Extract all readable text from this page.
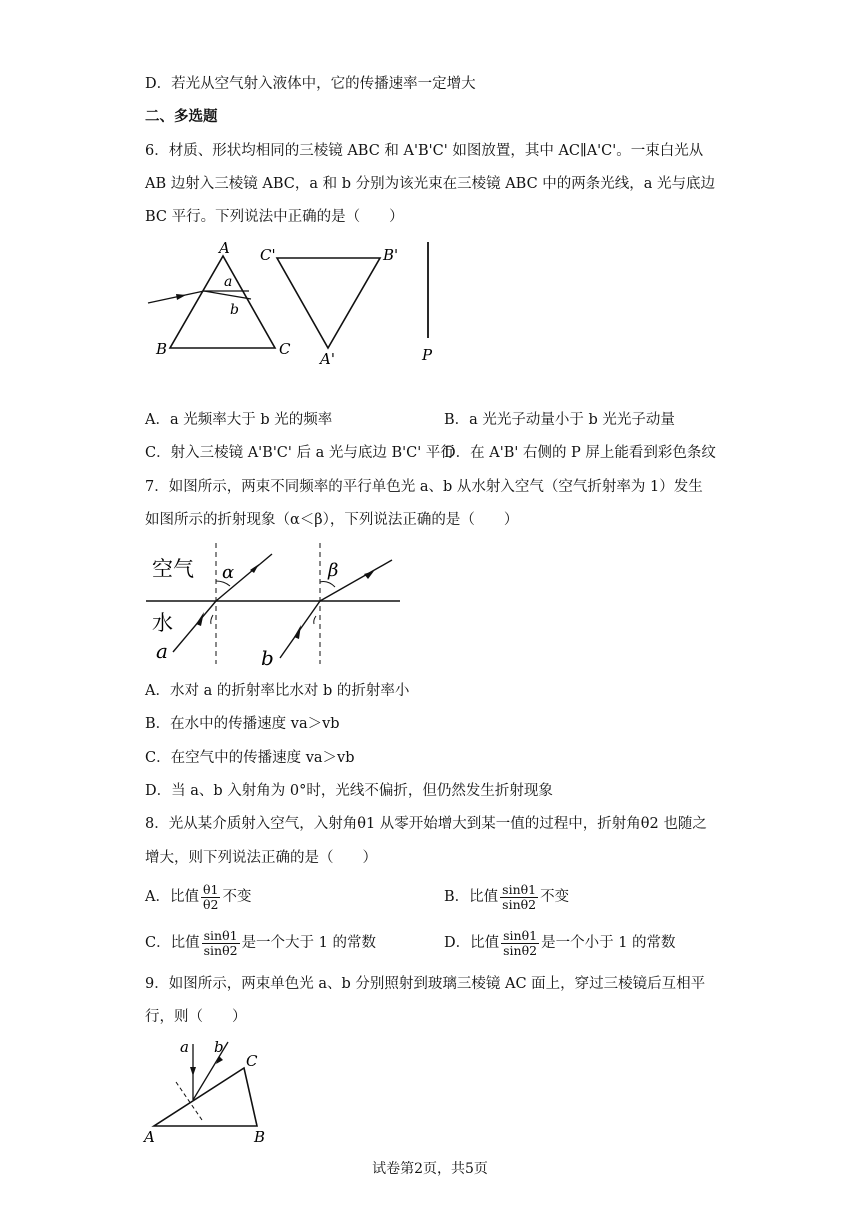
D．若光从空气射入液体中，它的传播速率一定增大
二、多选题
6．材质、形状均相同的三棱镜 ABC 和 A'B'C' 如图放置，其中 AC∥A'C'。一束白光从
AB 边射入三棱镜 ABC，a 和 b 分别为该光束在三棱镜 ABC 中的两条光线，a 光与底边
BC 平行。下列说法中正确的是（　　）
A
B	C
C'	B'
A'	P
a
b
A．a 光频率大于 b 光的频率	B．a 光光子动量小于 b 光光子动量
C．射入三棱镜 A'B'C' 后 a 光与底边 B'C' 平行
D．在 A'B' 右侧的 P 屏上能看到彩色条纹
7．如图所示，两束不同频率的平行单色光 a、b 从水射入空气（空气折射率为 1）发生
如图所示的折射现象（α＜β），下列说法正确的是（　　）
空气
水
α	β
a	b
A．水对 a 的折射率比水对 b 的折射率小
B．在水中的传播速度 va＞vb
C．在空气中的传播速度 va＞vb
D．当 a、b 入射角为 0°时，光线不偏折，但仍然发生折射现象
8．光从某介质射入空气，入射角θ1 从零开始增大到某一值的过程中，折射角θ2 也随之
增大，则下列说法正确的是（　　）
A．比值 $\frac{\theta 1}{\theta 2}$ 不变	B．比值 $\frac{\sin\theta 1}{\sin\theta 2}$ 不变
C．比值 $\frac{\sin\theta 1}{\sin\theta 2}$ 是一个大于 1 的常数	D．比值 $\frac{\sin\theta 1}{\sin\theta 2}$ 是一个小于 1 的常数
9．如图所示，两束单色光 a、b 分别照射到玻璃三棱镜 AC 面上，穿过三棱镜后互相平
行，则（　　）
a b
A	B
C
试卷第2页，共5页
